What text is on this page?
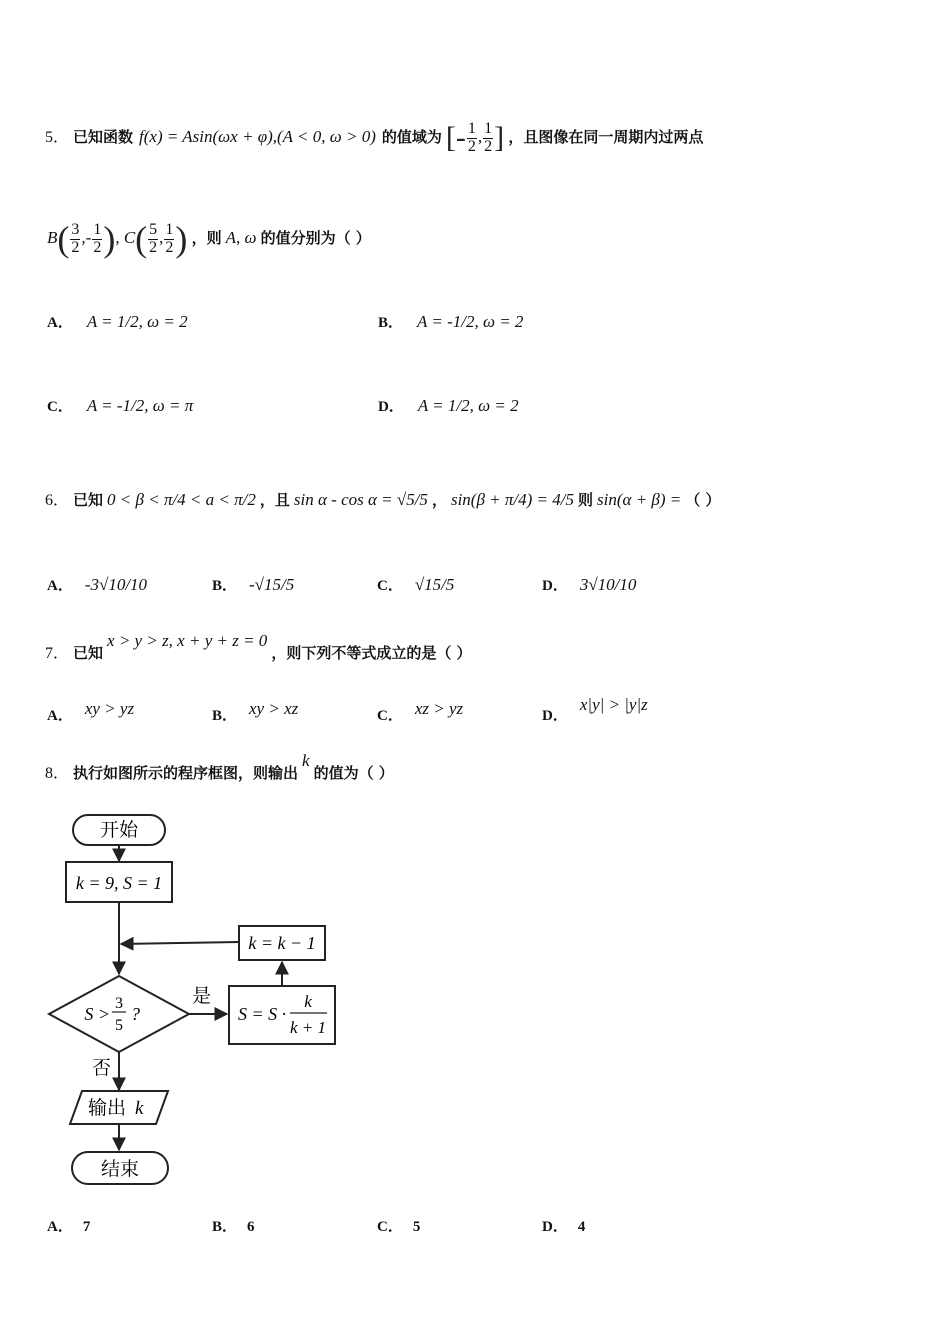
5． 已知函数 f(x) = Asin(ωx + φ),(A < 0, ω > 0) 的值域为 [- $\frac{1}{2}$ , $\frac{1}{2}$ ] ，且图像在同一周期内过两点
$B( \frac{3}{2}$ ,- $\frac{1}{2}$ ), $C( \frac{5}{2}$ , $\frac{1}{2}$ ) ，则 A, ω 的值分别为（ ）
A． A = 1/2, ω = 2	B． A = -1/2, ω = 2
C． A = -1/2, ω = π	D． A = 1/2, ω = 2
6． 已知 0 < β < π/4 < a < π/2 ，且 sin α - cos α = √5/5 ， sin(β + π/4) = 4/5 则 sin(α + β) = （ ）
A． -3√10/10	B． -√15/5	C． √15/5	D． 3√10/10
7． 已知 x > y > z, x + y + z = 0 ，则下列不等式成立的是（ ）
A． xy > yz	B． xy > xz	C． xz > yz	D． x|y| > |y|z
8． 执行如图所示的程序框图，则输出 k 的值为（ ）
开始
k = 9, S = 1
k = k − 1
S >
3
5
?
是
S = S ·
k
k + 1
否
输出 k
结束
A． 7	B． 6	C． 5	D． 4
